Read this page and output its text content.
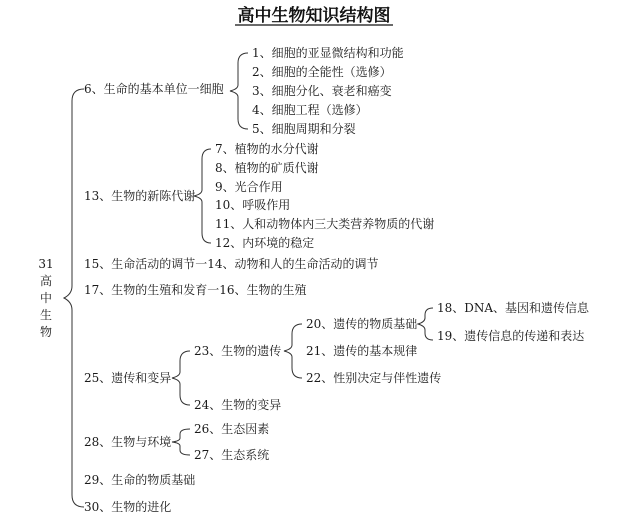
高中生物知识结构图
31
高
中
生
物
6、生命的基本单位一细胞
13、生物的新陈代谢
15、生命活动的调节一14、动物和人的生命活动的调节
17、生物的生殖和发育一16、生物的生殖
25、遗传和变异
28、生物与环境
29、生命的物质基础
30、生物的进化
1、细胞的亚显微结构和功能
2、细胞的全能性（选修）
3、细胞分化、衰老和癌变
4、细胞工程（选修）
5、细胞周期和分裂
7、植物的水分代谢
8、植物的矿质代谢
9、光合作用
10、呼吸作用
11、人和动物体内三大类营养物质的代谢
12、内环境的稳定
23、生物的遗传
24、生物的变异
20、遗传的物质基础
21、遗传的基本规律
22、性别决定与伴性遗传
18、DNA、基因和遗传信息
19、遗传信息的传递和表达
26、生态因素
27、生态系统
